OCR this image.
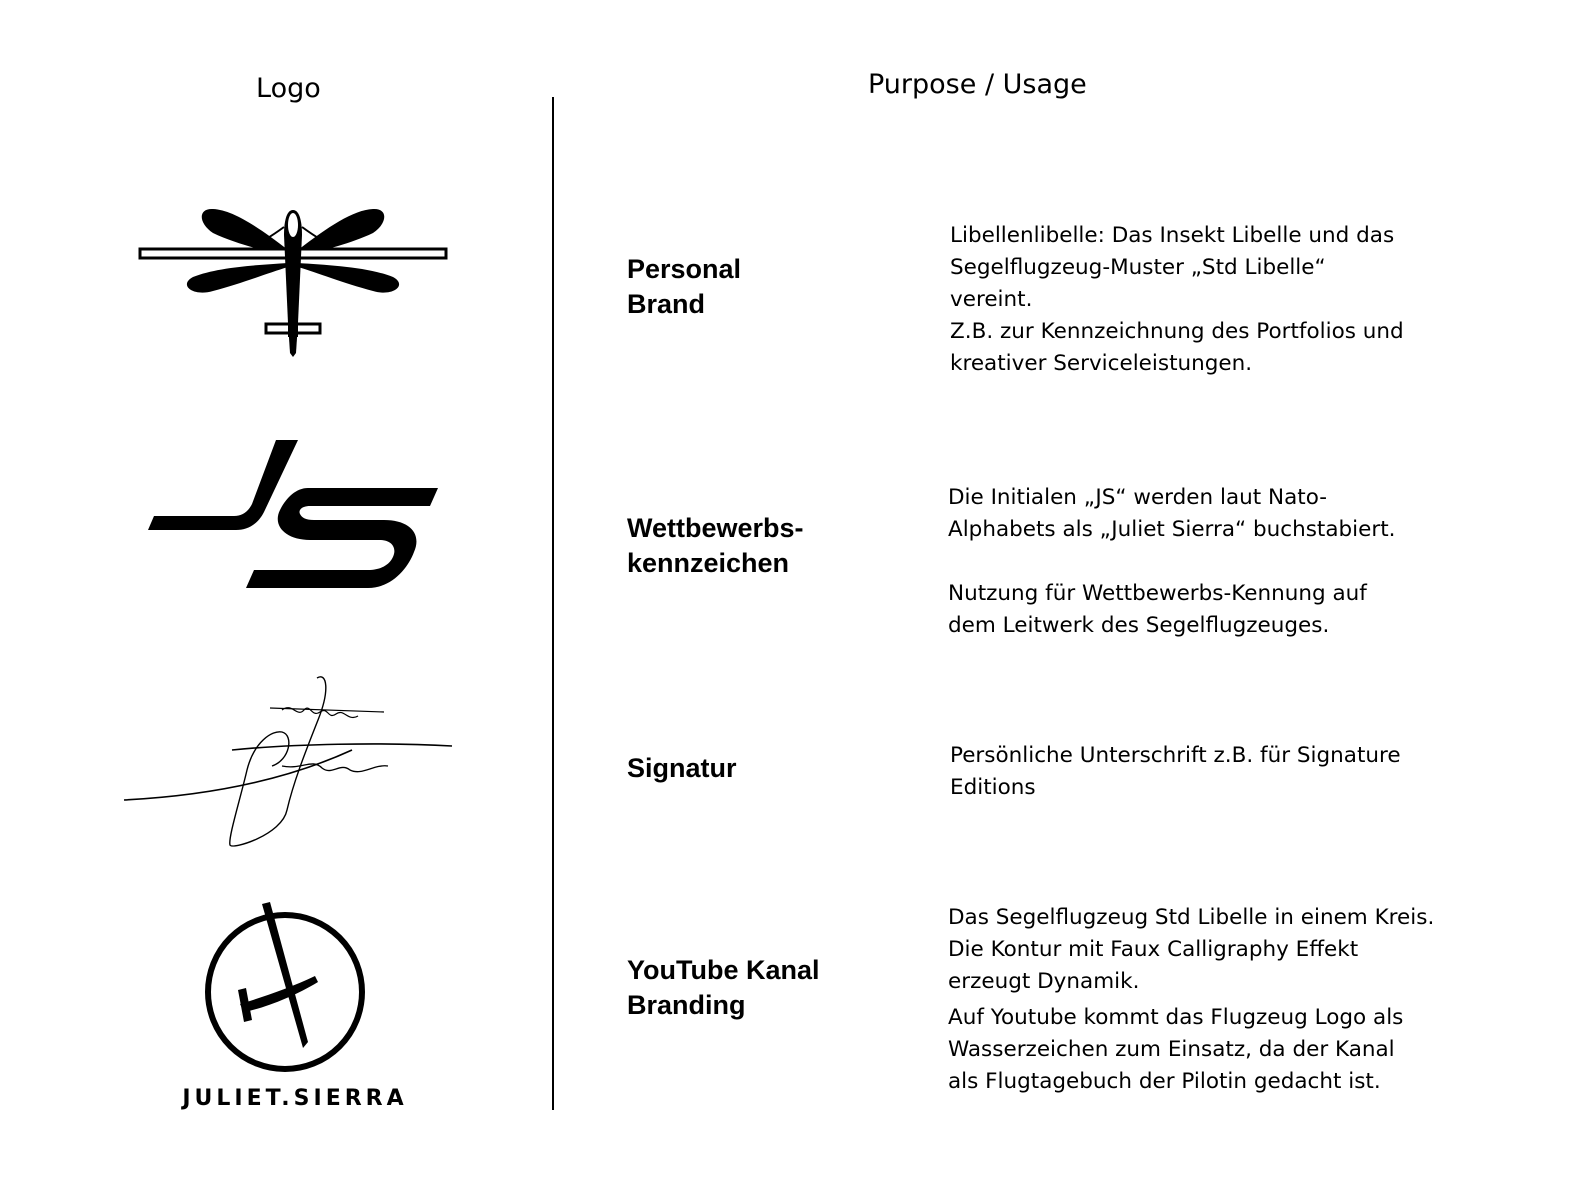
Logo	Purpose / Usage
Personal
Brand

Libellenlibelle: Das Insekt Libelle und das
Segelflugzeug-Muster „Std Libelle“
vereint.
Z.B. zur Kennzeichnung des Portfolios und
kreativer Serviceleistungen.

Wettbewerbs-
kennzeichen

Die Initialen „JS“ werden laut Nato-
Alphabets als „Juliet Sierra“ buchstabiert.

Nutzung für Wettbewerbs-Kennung auf
dem Leitwerk des Segelflugzeuges.

Signatur	Persönliche Unterschrift z.B. für Signature
Editions

JULIET.SIERRA
YouTube Kanal
Branding

Das Segelflugzeug Std Libelle in einem Kreis.
Die Kontur mit Faux Calligraphy Effekt
erzeugt Dynamik.

Auf Youtube kommt das Flugzeug Logo als
Wasserzeichen zum Einsatz, da der Kanal
als Flugtagebuch der Pilotin gedacht ist.
